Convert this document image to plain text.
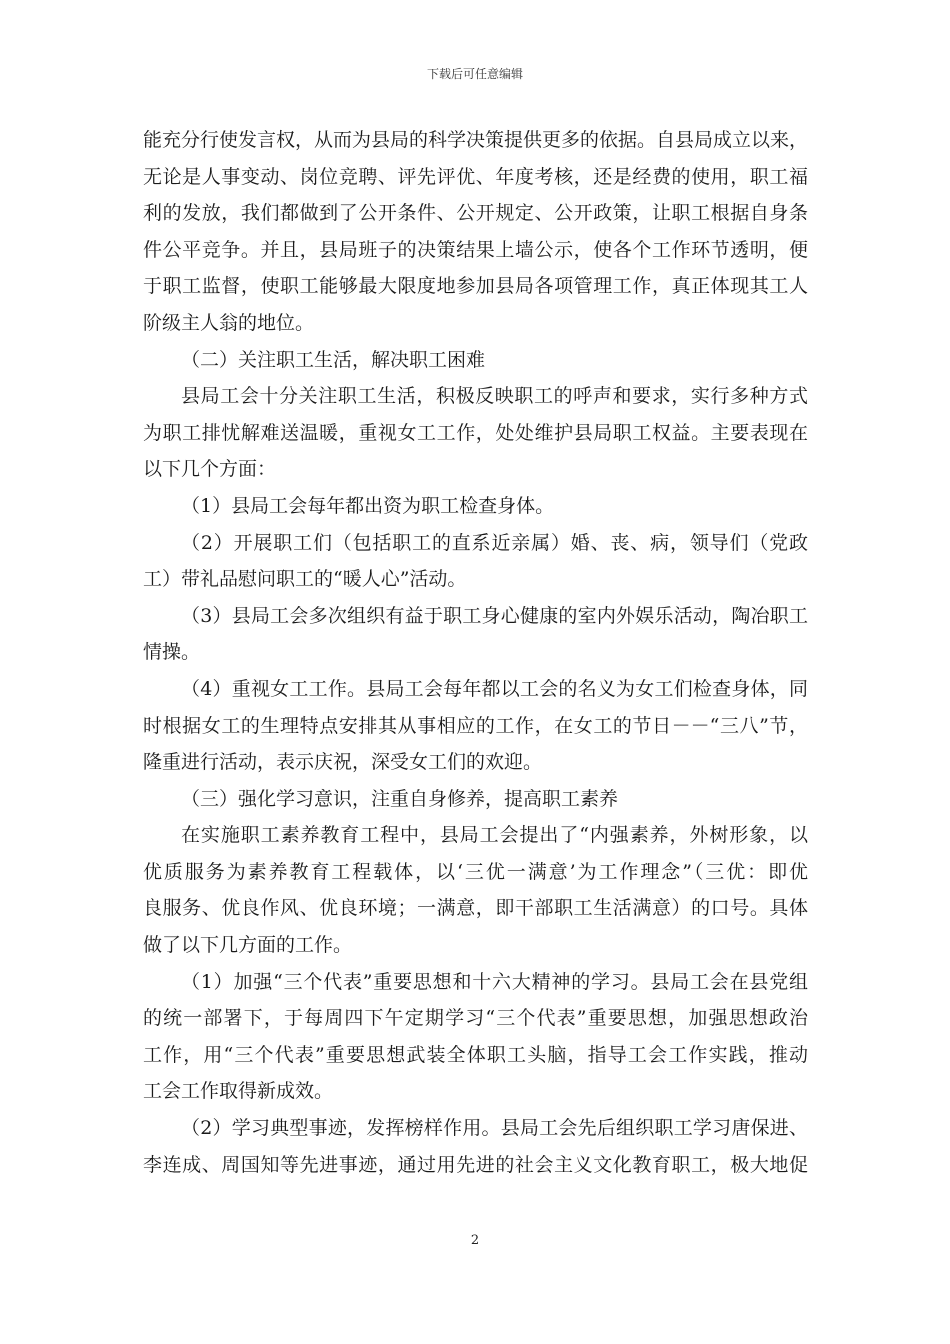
下载后可任意编辑
能充分行使发言权，从而为县局的科学决策提供更多的依据。自县局成立以来，
无论是人事变动、岗位竞聘、评先评优、年度考核，还是经费的使用，职工福
利的发放，我们都做到了公开条件、公开规定、公开政策，让职工根据自身条
件公平竞争。并且，县局班子的决策结果上墙公示，使各个工作环节透明，便
于职工监督，使职工能够最大限度地参加县局各项管理工作，真正体现其工人
阶级主人翁的地位。
（二）关注职工生活，解决职工困难
县局工会十分关注职工生活，积极反映职工的呼声和要求，实行多种方式
为职工排忧解难送温暖，重视女工工作，处处维护县局职工权益。主要表现在
以下几个方面：
（1）县局工会每年都出资为职工检查身体。
（2）开展职工们（包括职工的直系近亲属）婚、丧、病，领导们（党政
工）带礼品慰问职工的“暖人心”活动。
（3）县局工会多次组织有益于职工身心健康的室内外娱乐活动，陶冶职工
情操。
（4）重视女工工作。县局工会每年都以工会的名义为女工们检查身体，同
时根据女工的生理特点安排其从事相应的工作，在女工的节日－－“三八”节，
隆重进行活动，表示庆祝，深受女工们的欢迎。
（三）强化学习意识，注重自身修养，提高职工素养
在实施职工素养教育工程中，县局工会提出了“内强素养，外树形象，以
优质服务为素养教育工程载体，以‘三优一满意’为工作理念”（三优：即优
良服务、优良作风、优良环境；一满意，即干部职工生活满意）的口号。具体
做了以下几方面的工作。
（1）加强“三个代表”重要思想和十六大精神的学习。县局工会在县党组
的统一部署下，于每周四下午定期学习“三个代表”重要思想，加强思想政治
工作，用“三个代表”重要思想武装全体职工头脑，指导工会工作实践，推动
工会工作取得新成效。
（2）学习典型事迹，发挥榜样作用。县局工会先后组织职工学习唐保进、
李连成、周国知等先进事迹，通过用先进的社会主义文化教育职工，极大地促
2
